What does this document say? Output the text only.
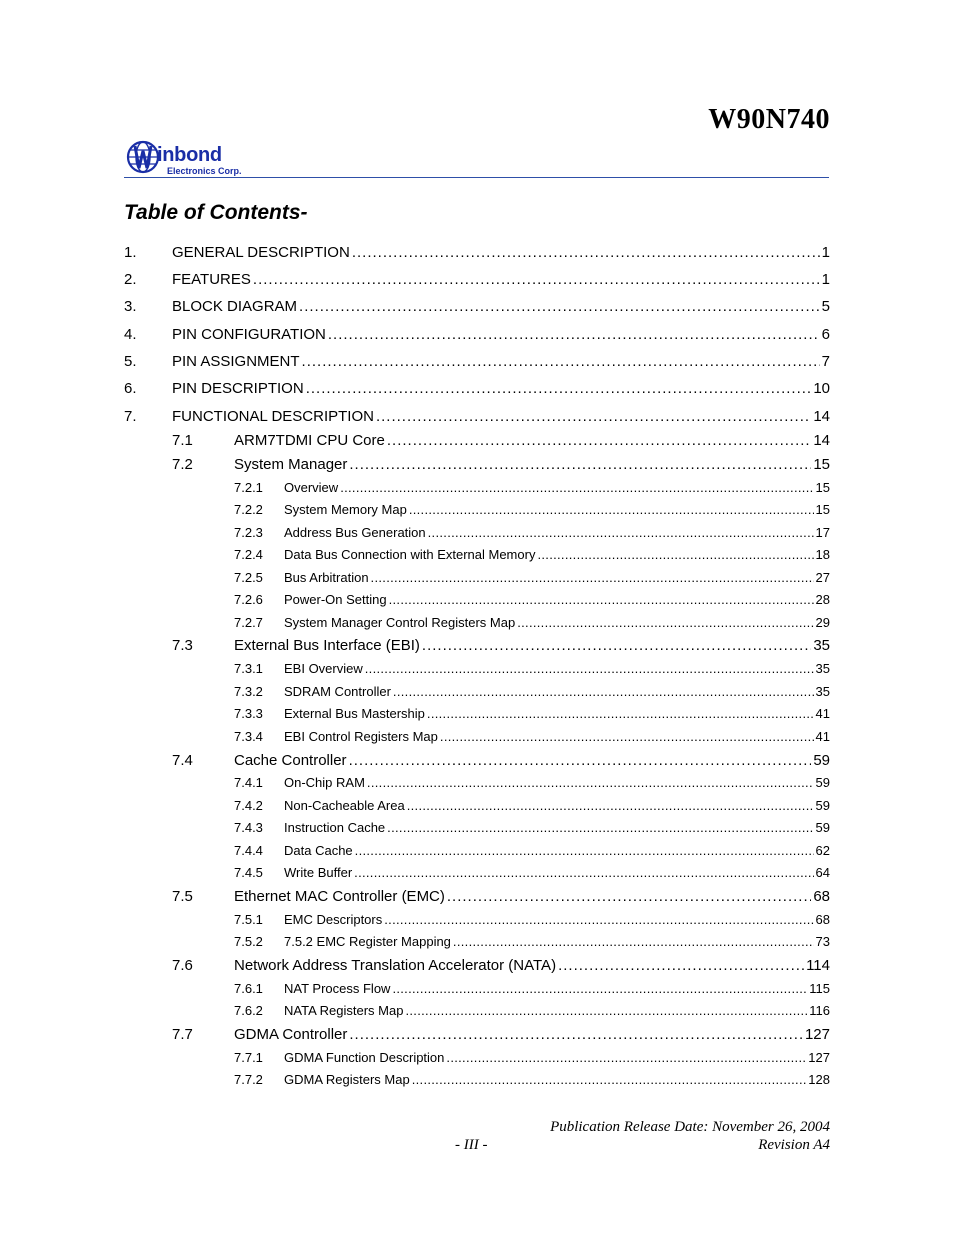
W90N740
inbond
Electronics Corp.
Table of Contents-
1. GENERAL DESCRIPTION .....	1
2. FEATURES .....	1
3. BLOCK DIAGRAM .....	5
4. PIN CONFIGURATION .....	6
5. PIN ASSIGNMENT .....	7
6. PIN DESCRIPTION .....	10
7. FUNCTIONAL DESCRIPTION .....	14
7.1	ARM7TDMI CPU Core .....	14
7.2	System Manager .....	15
7.2.1 Overview .....	15
7.2.2 System Memory Map .....	15
7.2.3 Address Bus Generation .....	17
7.2.4 Data Bus Connection with External Memory .....	18
7.2.5 Bus Arbitration .....	27
7.2.6 Power-On Setting .....	28
7.2.7 System Manager Control Registers Map .....	29
7.3	External Bus Interface (EBI) .....	35
7.3.1 EBI Overview .....	35
7.3.2 SDRAM Controller .....	35
7.3.3 External Bus Mastership .....	41
7.3.4 EBI Control Registers Map .....	41
7.4	Cache Controller .....	59
7.4.1 On-Chip RAM .....	59
7.4.2 Non-Cacheable Area .....	59
7.4.3 Instruction Cache .....	59
7.4.4 Data Cache .....	62
7.4.5 Write Buffer .....	64
7.5	Ethernet MAC Controller (EMC) .....	68
7.5.1 EMC Descriptors .....	68
7.5.2 7.5.2 EMC Register Mapping .....	73
7.6	Network Address Translation Accelerator (NATA) .....	114
7.6.1 NAT Process Flow .....	115
7.6.2 NATA Registers Map .....	116
7.7	GDMA Controller .....	127
7.7.1 GDMA Function Description .....	127
7.7.2 GDMA Registers Map .....	128
Publication Release Date: November 26, 2004
- III -	Revision A4
